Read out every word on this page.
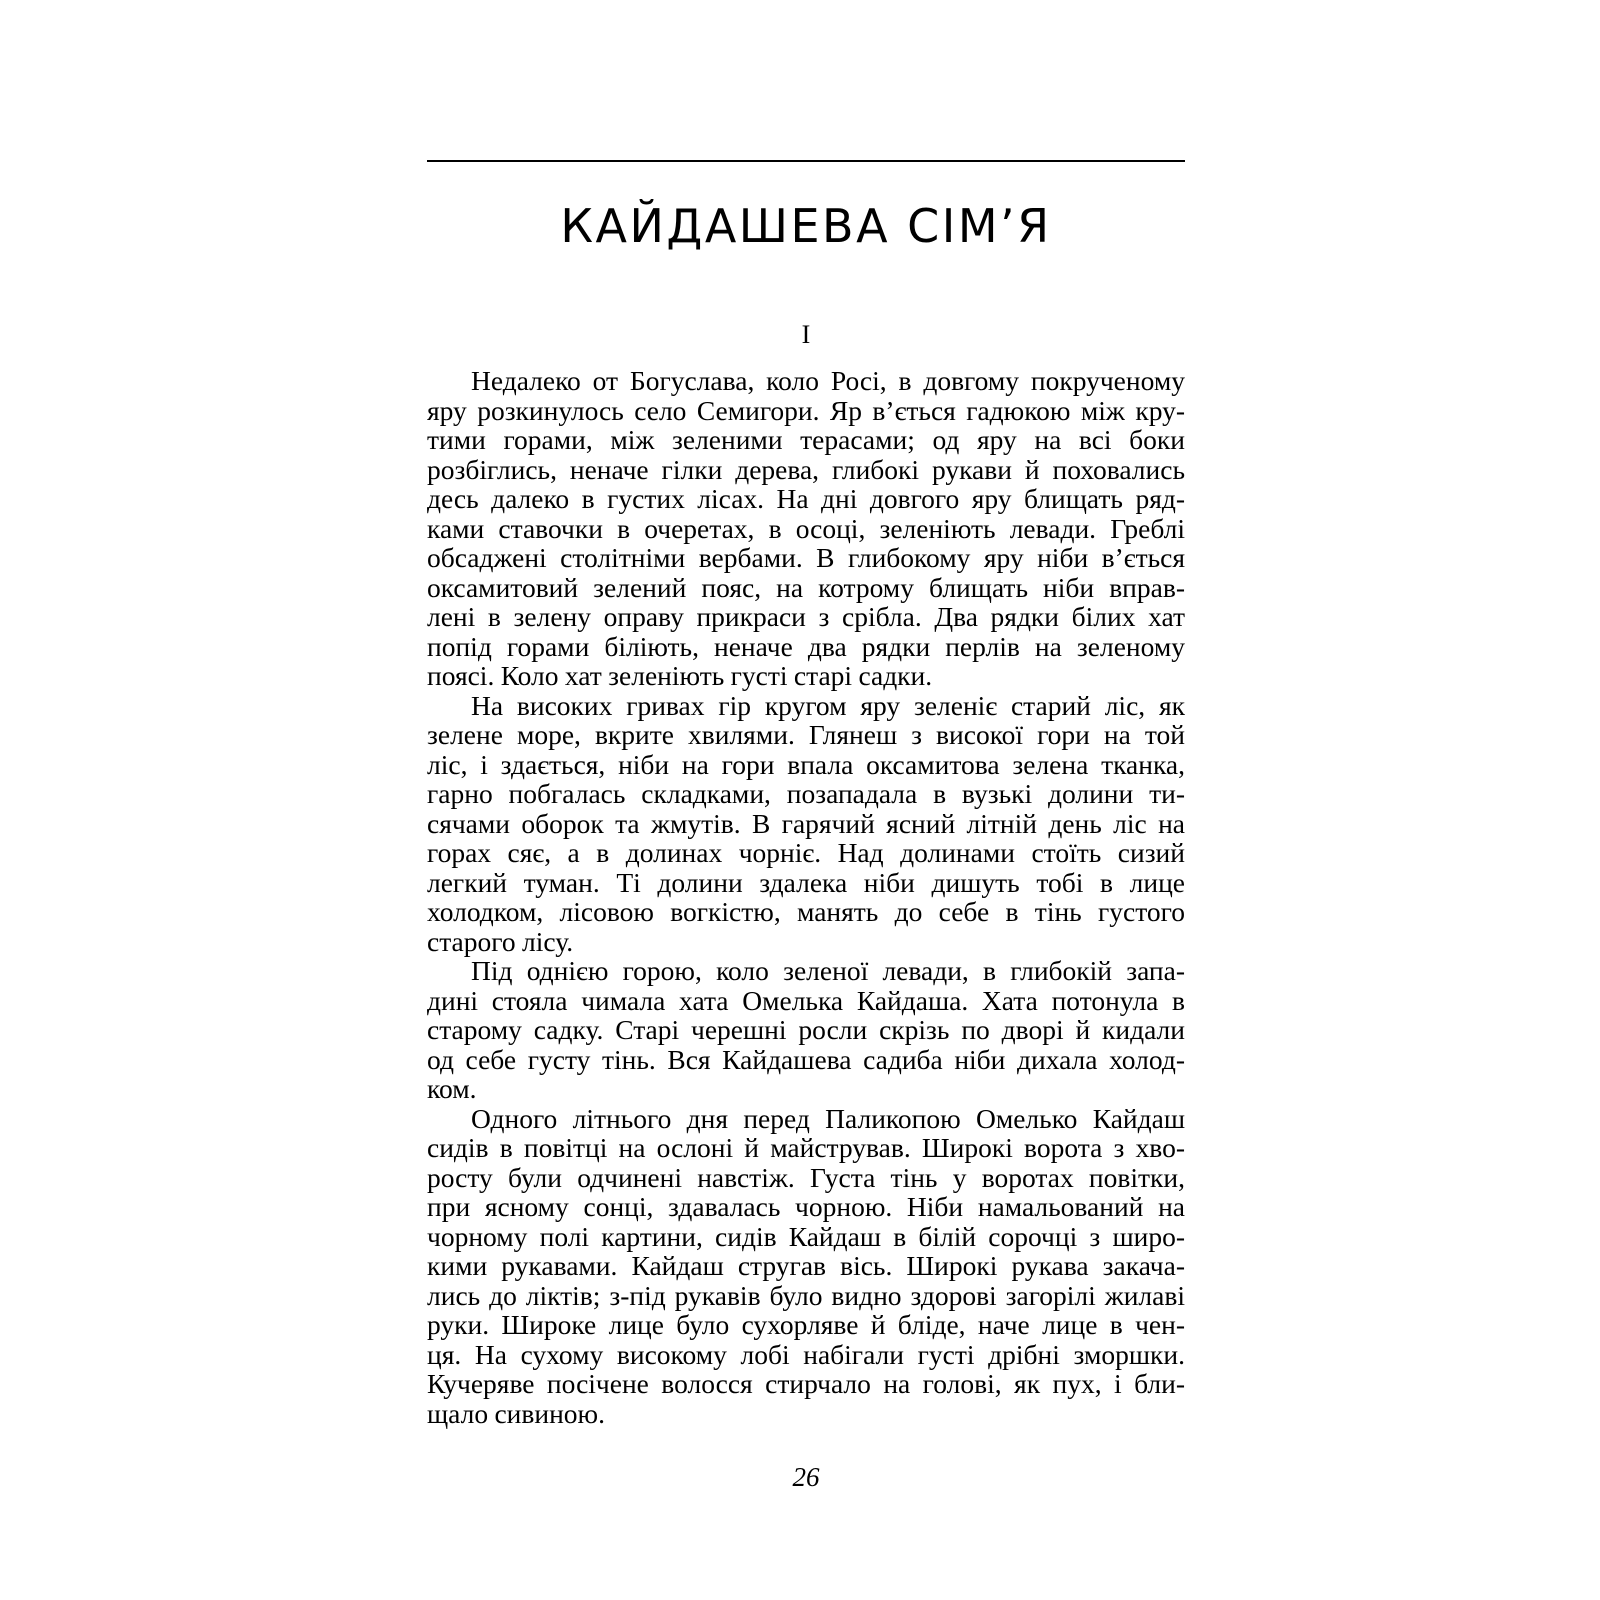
КАЙДАШЕВА СІМ’Я
I
Недалеко от Богуслава, коло Росі, в довгому покрученому
яру розкинулось село Семигори. Яр в’ється гадюкою між кру-
тими горами, між зеленими терасами; од яру на всі боки
розбіглись, неначе гілки дерева, глибокі рукави й поховались
десь далеко в густих лісах. На дні довгого яру блищать ряд-
ками ставочки в очеретах, в осоці, зеленіють левади. Греблі
обсаджені столітніми вербами. В глибокому яру ніби в’ється
оксамитовий зелений пояс, на котрому блищать ніби вправ-
лені в зелену оправу прикраси з срібла. Два рядки білих хат
попід горами біліють, неначе два рядки перлів на зеленому
поясі. Коло хат зеленіють густі старі садки.
На високих гривах гір кругом яру зеленіє старий ліс, як
зелене море, вкрите хвилями. Глянеш з високої гори на той
ліс, і здається, ніби на гори впала оксамитова зелена тканка,
гарно побгалась складками, позападала в вузькі долини ти-
сячами оборок та жмутів. В гарячий ясний літній день ліс на
горах сяє, а в долинах чорніє. Над долинами стоїть сизий
легкий туман. Ті долини здалека ніби дишуть тобі в лице
холодком, лісовою вогкістю, манять до себе в тінь густого
старого лісу.
Під однією горою, коло зеленої левади, в глибокій запа-
дині стояла чимала хата Омелька Кайдаша. Хата потонула в
старому садку. Старі черешні росли скрізь по дворі й кидали
од себе густу тінь. Вся Кайдашева садиба ніби дихала холод-
ком.
Одного літнього дня перед Паликопою Омелько Кайдаш
сидів в повітці на ослоні й майстрував. Широкі ворота з хво-
росту були одчинені навстіж. Густа тінь у воротах повітки,
при ясному сонці, здавалась чорною. Ніби намальований на
чорному полі картини, сидів Кайдаш в білій сорочці з широ-
кими рукавами. Кайдаш стругав вісь. Широкі рукава закача-
лись до ліктів; з-під рукавів було видно здорові загорілі жилаві
руки. Широке лице було сухорляве й бліде, наче лице в чен-
ця. На сухому високому лобі набігали густі дрібні зморшки.
Кучеряве посічене волосся стирчало на голові, як пух, і бли-
щало сивиною.
26
